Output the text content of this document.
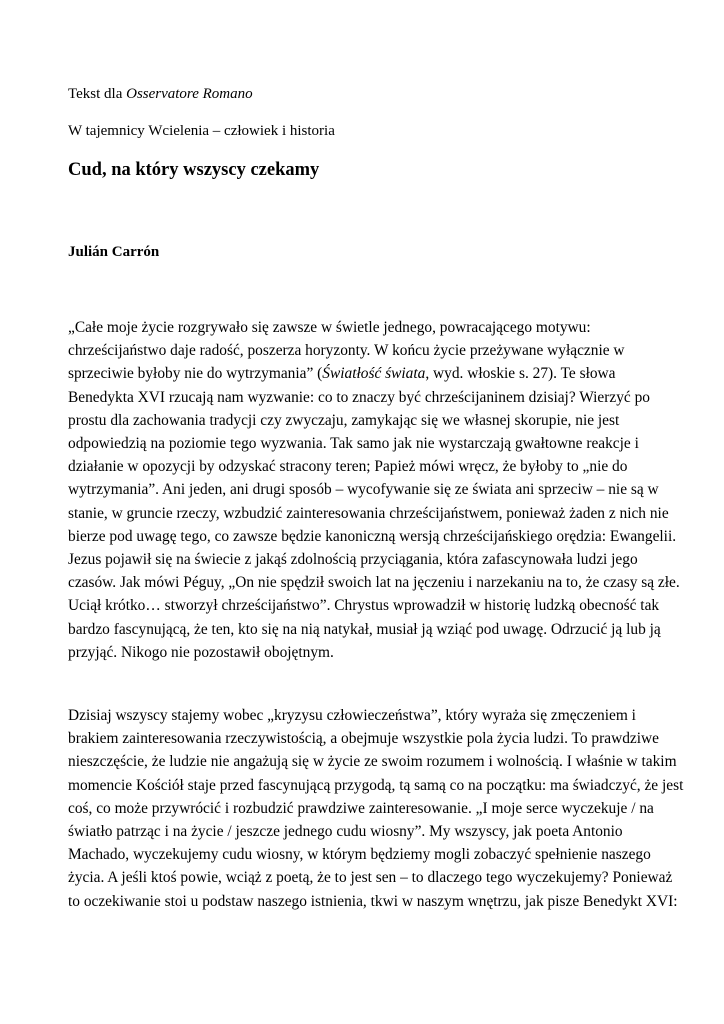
Tekst dla Osservatore Romano
W tajemnicy Wcielenia – człowiek i historia
Cud, na który wszyscy czekamy
Julián Carrón
„Całe moje życie rozgrywało się zawsze w świetle jednego, powracającego motywu:
chrześcijaństwo daje radość, poszerza horyzonty. W końcu życie przeżywane wyłącznie w
sprzeciwie byłoby nie do wytrzymania” (Światłość świata, wyd. włoskie s. 27). Te słowa
Benedykta XVI rzucają nam wyzwanie: co to znaczy być chrześcijaninem dzisiaj? Wierzyć po
prostu dla zachowania tradycji czy zwyczaju, zamykając się we własnej skorupie, nie jest
odpowiedzią na poziomie tego wyzwania. Tak samo jak nie wystarczają gwałtowne reakcje i
działanie w opozycji by odzyskać stracony teren; Papież mówi wręcz, że byłoby to „nie do
wytrzymania”. Ani jeden, ani drugi sposób – wycofywanie się ze świata ani sprzeciw – nie są w
stanie, w gruncie rzeczy, wzbudzić zainteresowania chrześcijaństwem, ponieważ żaden z nich nie
bierze pod uwagę tego, co zawsze będzie kanoniczną wersją chrześcijańskiego orędzia: Ewangelii.
Jezus pojawił się na świecie z jakąś zdolnością przyciągania, która zafascynowała ludzi jego
czasów. Jak mówi Péguy, „On nie spędził swoich lat na jęczeniu i narzekaniu na to, że czasy są złe.
Uciął krótko… stworzył chrześcijaństwo”. Chrystus wprowadził w historię ludzką obecność tak
bardzo fascynującą, że ten, kto się na nią natykał, musiał ją wziąć pod uwagę. Odrzucić ją lub ją
przyjąć. Nikogo nie pozostawił obojętnym.
Dzisiaj wszyscy stajemy wobec „kryzysu człowieczeństwa”, który wyraża się zmęczeniem i
brakiem zainteresowania rzeczywistością, a obejmuje wszystkie pola życia ludzi. To prawdziwe
nieszczęście, że ludzie nie angażują się w życie ze swoim rozumem i wolnością. I właśnie w takim
momencie Kościół staje przed fascynującą przygodą, tą samą co na początku: ma świadczyć, że jest
coś, co może przywrócić i rozbudzić prawdziwe zainteresowanie. „I moje serce wyczekuje / na
światło patrząc i na życie / jeszcze jednego cudu wiosny”. My wszyscy, jak poeta Antonio
Machado, wyczekujemy cudu wiosny, w którym będziemy mogli zobaczyć spełnienie naszego
życia. A jeśli ktoś powie, wciąż z poetą, że to jest sen – to dlaczego tego wyczekujemy? Ponieważ
to oczekiwanie stoi u podstaw naszego istnienia, tkwi w naszym wnętrzu, jak pisze Benedykt XVI:
